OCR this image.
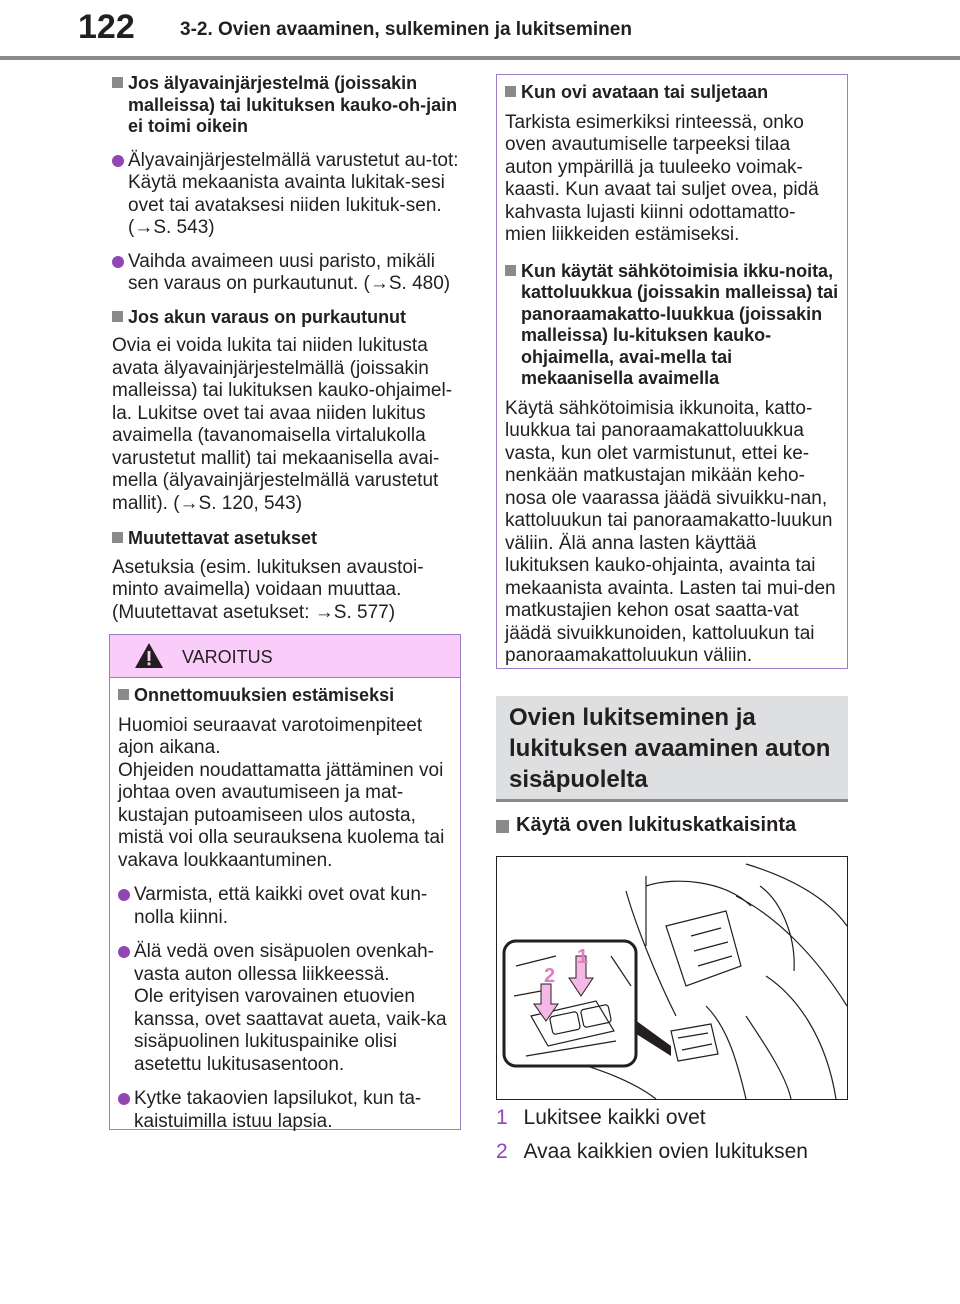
122 3-2. Ovien avaaminen, sulkeminen ja lukitseminen

Jos älyavainjärjestelmä (joissakin malleissa) tai lukituksen kauko-oh-jain ei toimi oikein

Älyavainjärjestelmällä varustetut au-tot: Käytä mekaanista avainta lukitak-sesi ovet tai avataksesi niiden lukituk-sen. (→S. 543)

Vaihda avaimeen uusi paristo, mikäli sen varaus on purkautunut. (→S. 480)

Jos akun varaus on purkautunut

Ovia ei voida lukita tai niiden lukitusta avata älyavainjärjestelmällä (joissakin malleissa) tai lukituksen kauko-ohjaimel-la. Lukitse ovet tai avaa niiden lukitus avaimella (tavanomaisella virtalukolla varustetut mallit) tai mekaanisella avai-mella (älyavainjärjestelmällä varustetut mallit). (→S. 120, 543)

Muutettavat asetukset

Asetuksia (esim. lukituksen avaustoi-minto avaimella) voidaan muuttaa. (Muutettavat asetukset: →S. 577)

VAROITUS

Onnettomuuksien estämiseksi

Huomioi seuraavat varotoimenpiteet ajon aikana.

Ohjeiden noudattamatta jättäminen voi johtaa oven avautumiseen ja mat-kustajan putoamiseen ulos autosta, mistä voi olla seurauksena kuolema tai vakava loukkaantuminen.

Varmista, että kaikki ovet ovat kun-nolla kiinni.

Älä vedä oven sisäpuolen ovenkah-vasta auton ollessa liikkeessä.

Ole erityisen varovainen etuovien kanssa, ovet saattavat aueta, vaik-ka sisäpuolinen lukituspainike olisi asetettu lukitusasentoon.

Kytke takaovien lapsilukot, kun ta-kaistuimilla istuu lapsia.

Kun ovi avataan tai suljetaan

Tarkista esimerkiksi rinteessä, onko oven avautumiselle tarpeeksi tilaa auton ympärillä ja tuuleeko voimak-kaasti. Kun avaat tai suljet ovea, pidä kahvasta lujasti kiinni odottamatto-mien liikkeiden estämiseksi.

Kun käytät sähkötoimisia ikku-noita, kattoluukkua (joissakin malleissa) tai panoraamakatto-luukkua (joissakin malleissa) lu-kituksen kauko-ohjaimella, avai-mella tai mekaanisella avaimella

Käytä sähkötoimisia ikkunoita, katto-luukkua tai panoraamakattoluukkua vasta, kun olet varmistunut, ettei ke-nenkään matkustajan mikään keho-nosa ole vaarassa jäädä sivuikku-nan, kattoluukun tai panoraamakatto-luukun väliin. Älä anna lasten käyttää lukituksen kauko-ohjainta, avainta tai mekaanista avainta. Lasten tai mui-den matkustajien kehon osat saatta-vat jäädä sivuikkunoiden, kattoluukun tai panoraamakattoluukun väliin.

Ovien lukitseminen ja lukituksen avaaminen auton sisäpuolelta

Käytä oven lukituskatkaisinta

1
2
1 Lukitsee kaikki ovet
2 Avaa kaikkien ovien lukituksen
